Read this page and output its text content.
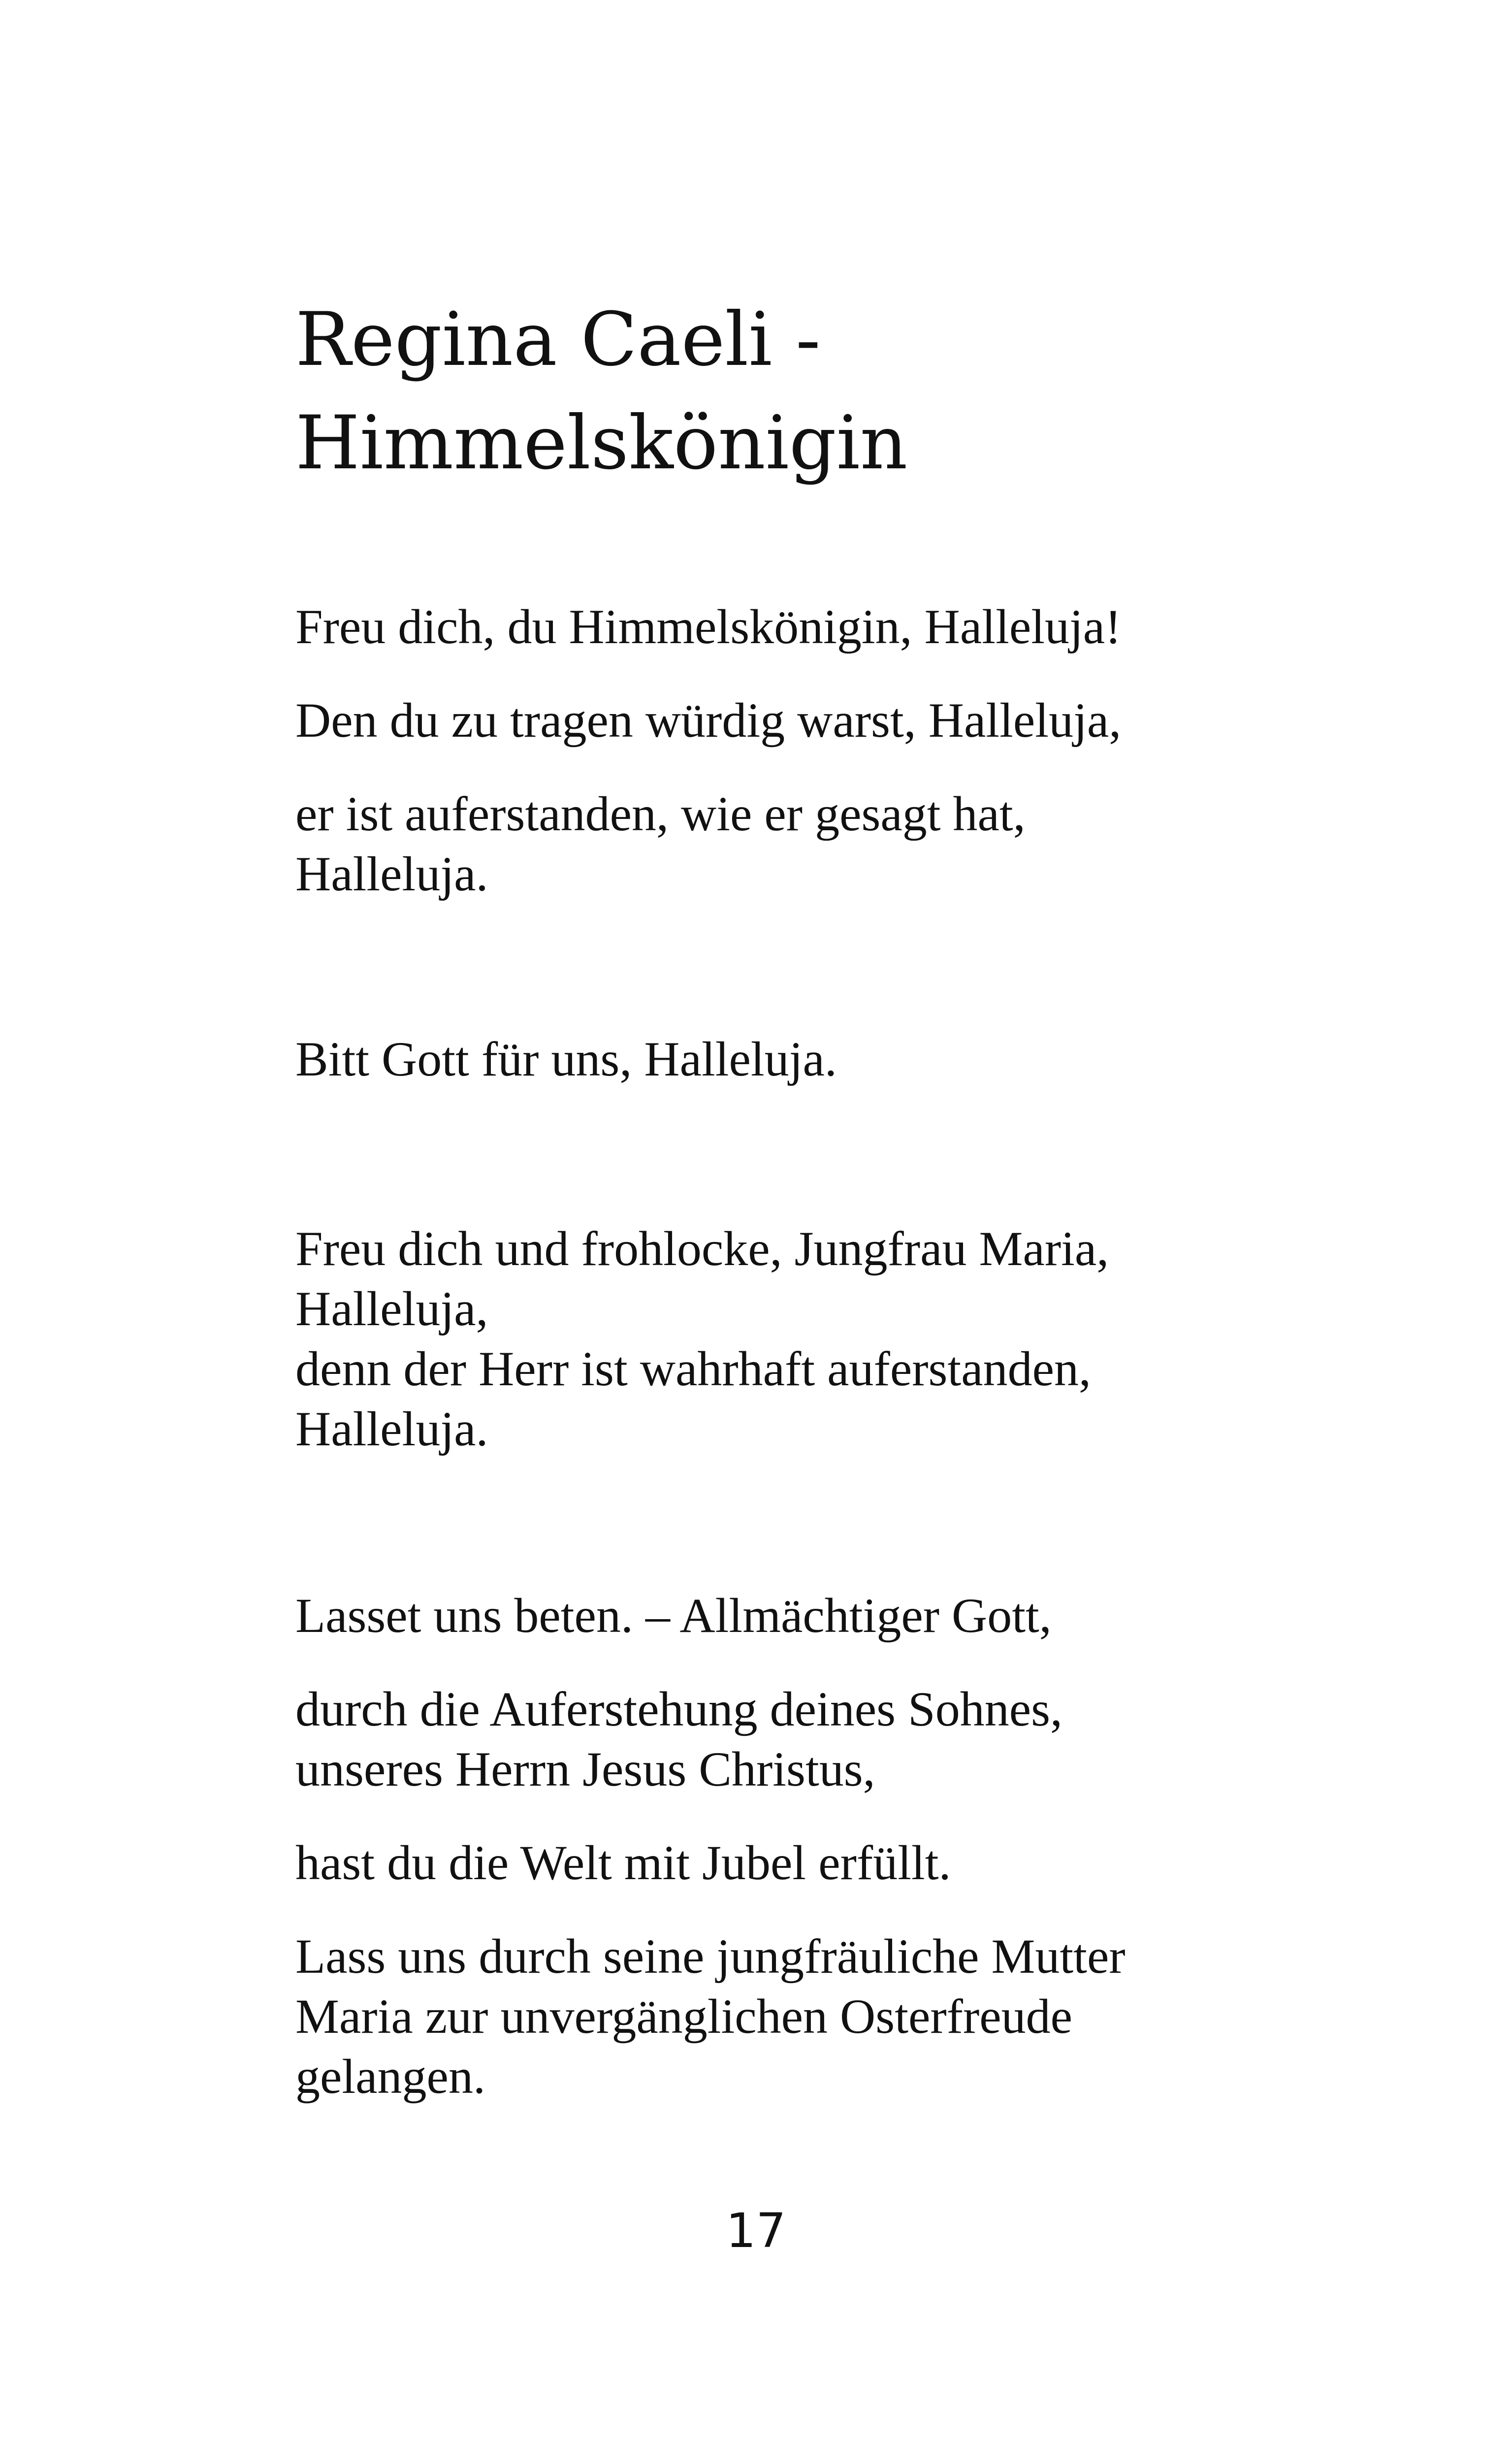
Regina Caeli -
Himmelskönigin

Freu dich, du Himmelskönigin, Halleluja!

Den du zu tragen würdig warst, Halleluja,

er ist auferstanden, wie er gesagt hat,

Halleluja.

Bitt Gott für uns, Halleluja.

Freu dich und frohlocke, Jungfrau Maria,

Halleluja,

denn der Herr ist wahrhaft auferstanden,

Halleluja.

Lasset uns beten. – Allmächtiger Gott,

durch die Auferstehung deines Sohnes,

unseres Herrn Jesus Christus,

hast du die Welt mit Jubel erfüllt.

Lass uns durch seine jungfräuliche Mutter

Maria zur unvergänglichen Osterfreude

gelangen.

17
